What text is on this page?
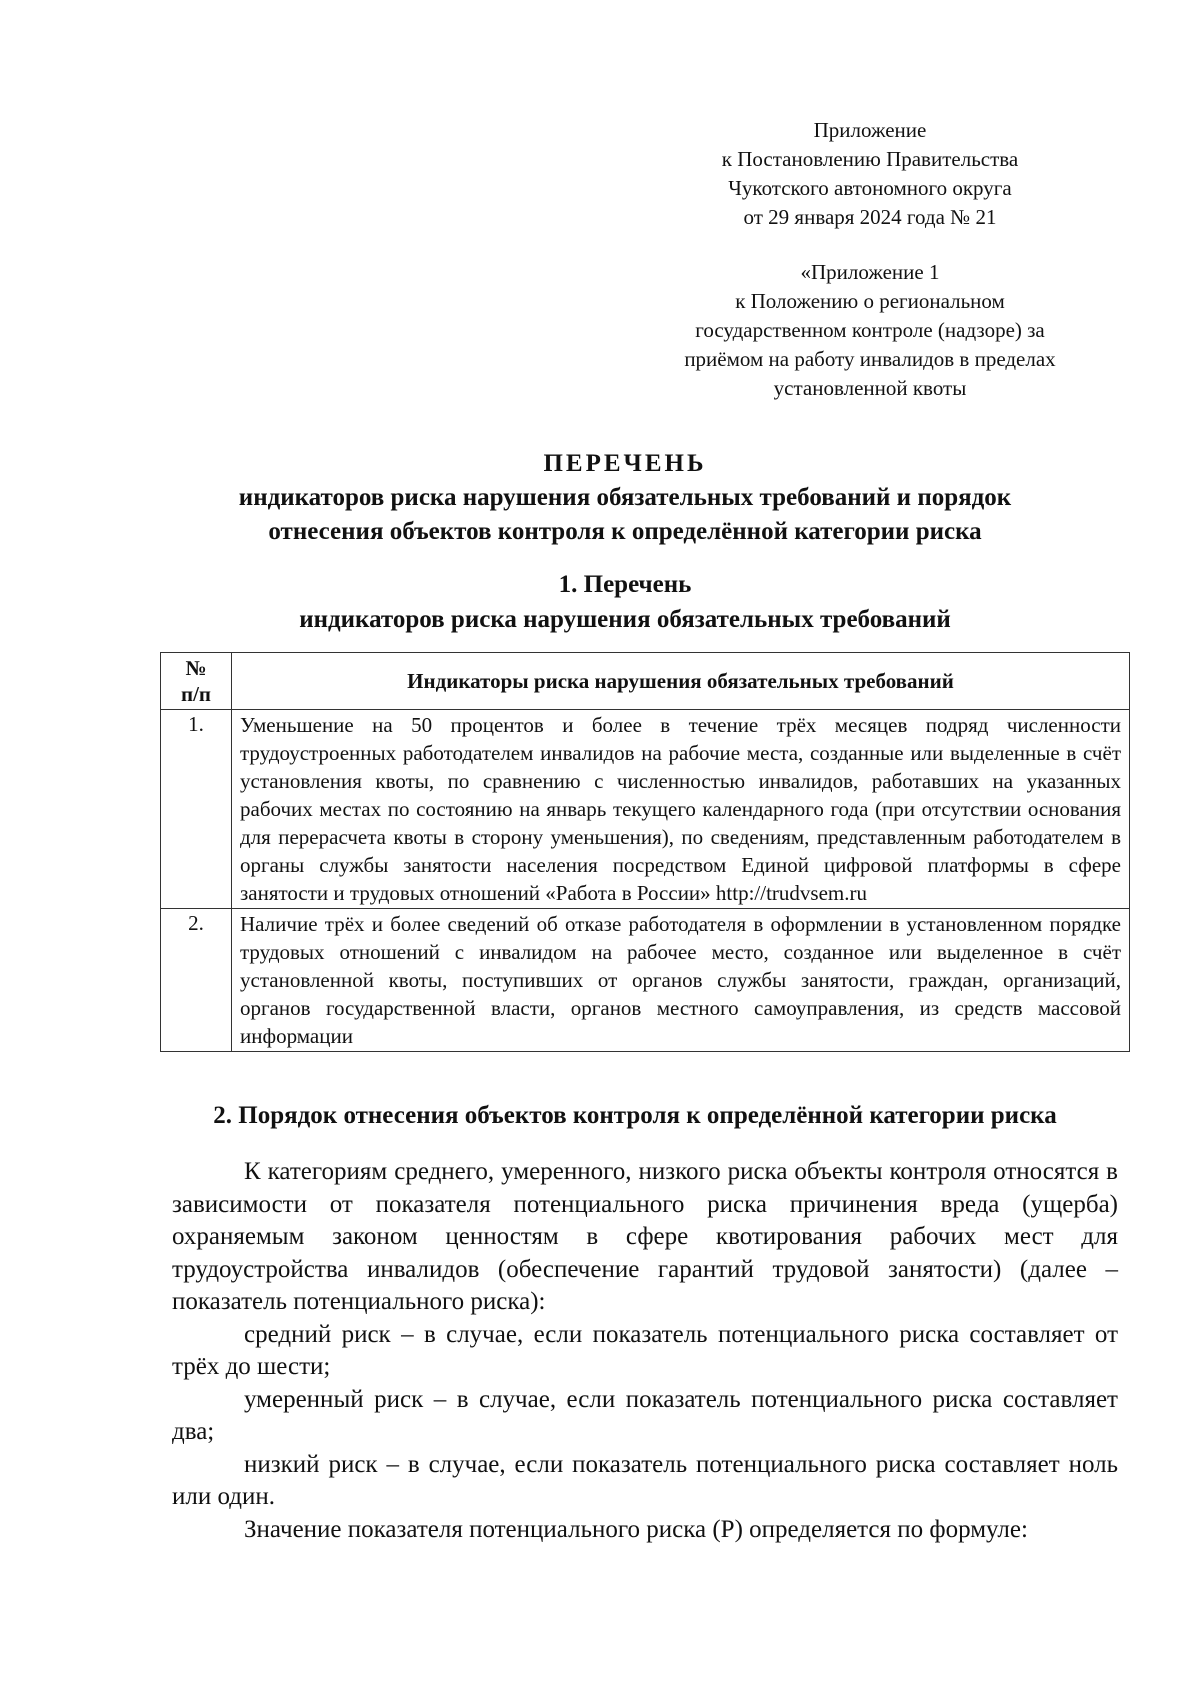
Приложение
к Постановлению Правительства
Чукотского автономного округа
от 29 января 2024 года № 21
«Приложение 1
к Положению о региональном
государственном контроле (надзоре) за
приёмом на работу инвалидов в пределах
установленной квоты
ПЕРЕЧЕНЬ
индикаторов риска нарушения обязательных требований и порядок
отнесения объектов контроля к определённой категории риска
1. Перечень
индикаторов риска нарушения обязательных требований
№
п/п	Индикаторы риска нарушения обязательных требований
1.	Уменьшение на 50 процентов и более в течение трёх месяцев подряд численности трудоустроенных работодателем инвалидов на рабочие места, созданные или выделенные в счёт установления квоты, по сравнению с численностью инвалидов, работавших на указанных рабочих местах по состоянию на январь текущего календарного года (при отсутствии основания для перерасчета квоты в сторону уменьшения), по сведениям, представленным работодателем в органы службы занятости населения посредством Единой цифровой платформы в сфере занятости и трудовых отношений «Работа в России» http://trudvsem.ru
2.	Наличие трёх и более сведений об отказе работодателя в оформлении в установленном порядке трудовых отношений с инвалидом на рабочее место, созданное или выделенное в счёт установленной квоты, поступивших от органов службы занятости, граждан, организаций, органов государственной власти, органов местного самоуправления, из средств массовой информации
2. Порядок отнесения объектов контроля к определённой категории риска

К категориям среднего, умеренного, низкого риска объекты контроля относятся в зависимости от показателя потенциального риска причинения вреда (ущерба) охраняемым законом ценностям в сфере квотирования рабочих мест для трудоустройства инвалидов (обеспечение гарантий трудовой занятости) (далее – показатель потенциального риска):

средний риск – в случае, если показатель потенциального риска составляет от трёх до шести;

умеренный риск – в случае, если показатель потенциального риска составляет два;

низкий риск – в случае, если показатель потенциального риска составляет ноль или один.

Значение показателя потенциального риска (Р) определяется по формуле:
